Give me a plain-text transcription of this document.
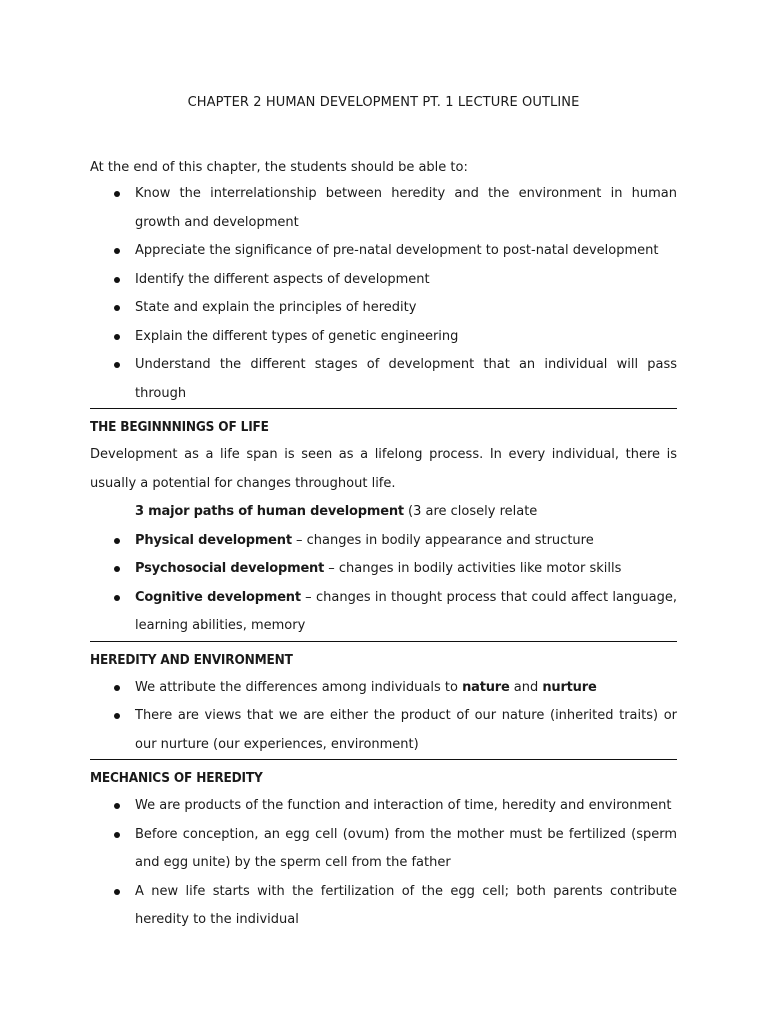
CHAPTER 2 HUMAN DEVELOPMENT PT. 1 LECTURE OUTLINE

At the end of this chapter, the students should be able to:
Know the interrelationship between heredity and the environment in human growth and development
Appreciate the significance of pre-natal development to post-natal development
Identify the different aspects of development
State and explain the principles of heredity
Explain the different types of genetic engineering
Understand the different stages of development that an individual will pass through
THE BEGINNNINGS OF LIFE
Development as a life span is seen as a lifelong process. In every individual, there is usually a potential for changes throughout life.
3 major paths of human development (3 are closely relate
Physical development – changes in bodily appearance and structure
Psychosocial development – changes in bodily activities like motor skills
Cognitive development – changes in thought process that could affect language, learning abilities, memory
HEREDITY AND ENVIRONMENT
We attribute the differences among individuals to nature and nurture
There are views that we are either the product of our nature (inherited traits) or our nurture (our experiences, environment)
MECHANICS OF HEREDITY
We are products of the function and interaction of time, heredity and environment
Before conception, an egg cell (ovum) from the mother must be fertilized (sperm and egg unite) by the sperm cell from the father
A new life starts with the fertilization of the egg cell; both parents contribute heredity to the individual
